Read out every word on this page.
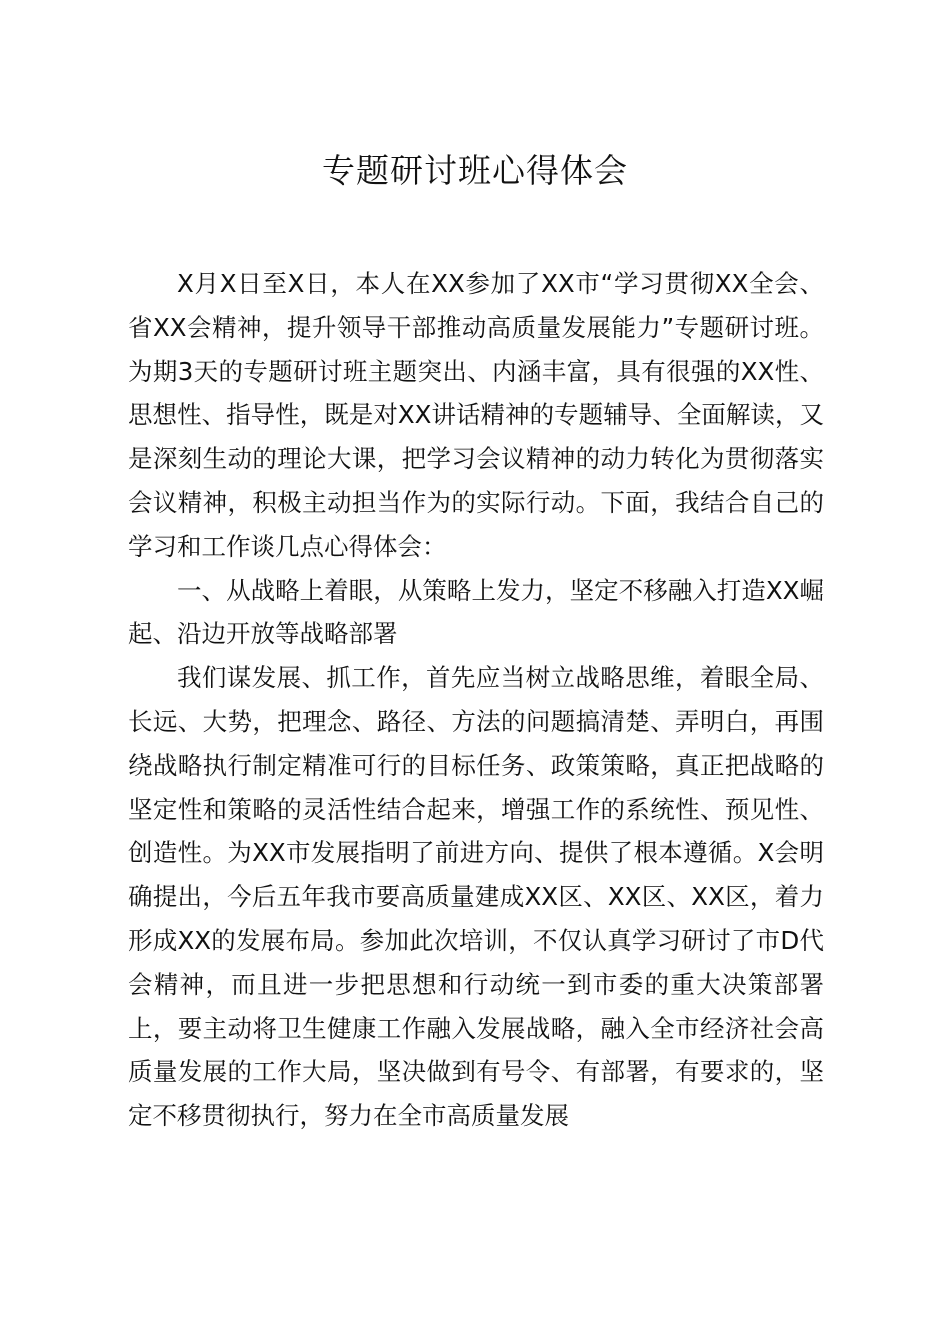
专题研讨班心得体会

X月X日至X日，本人在XX参加了XX市“学习贯彻XX全会、省XX会精神，提升领导干部推动高质量发展能力”专题研讨班。为期3天的专题研讨班主题突出、内涵丰富，具有很强的XX性、思想性、指导性，既是对XX讲话精神的专题辅导、全面解读，又是深刻生动的理论大课，把学习会议精神的动力转化为贯彻落实会议精神，积极主动担当作为的实际行动。下面，我结合自己的学习和工作谈几点心得体会：

一、从战略上着眼，从策略上发力，坚定不移融入打造XX崛起、沿边开放等战略部署

我们谋发展、抓工作，首先应当树立战略思维，着眼全局、长远、大势，把理念、路径、方法的问题搞清楚、弄明白，再围绕战略执行制定精准可行的目标任务、政策策略，真正把战略的坚定性和策略的灵活性结合起来，增强工作的系统性、预见性、创造性。为XX市发展指明了前进方向、提供了根本遵循。X会明确提出，今后五年我市要高质量建成XX区、XX区、XX区，着力形成XX的发展布局。参加此次培训，不仅认真学习研讨了市D代会精神，而且进一步把思想和行动统一到市委的重大决策部署上，要主动将卫生健康工作融入发展战略，融入全市经济社会高质量发展的工作大局，坚决做到有号令、有部署，有要求的，坚定不移贯彻执行，努力在全市高质量发展
